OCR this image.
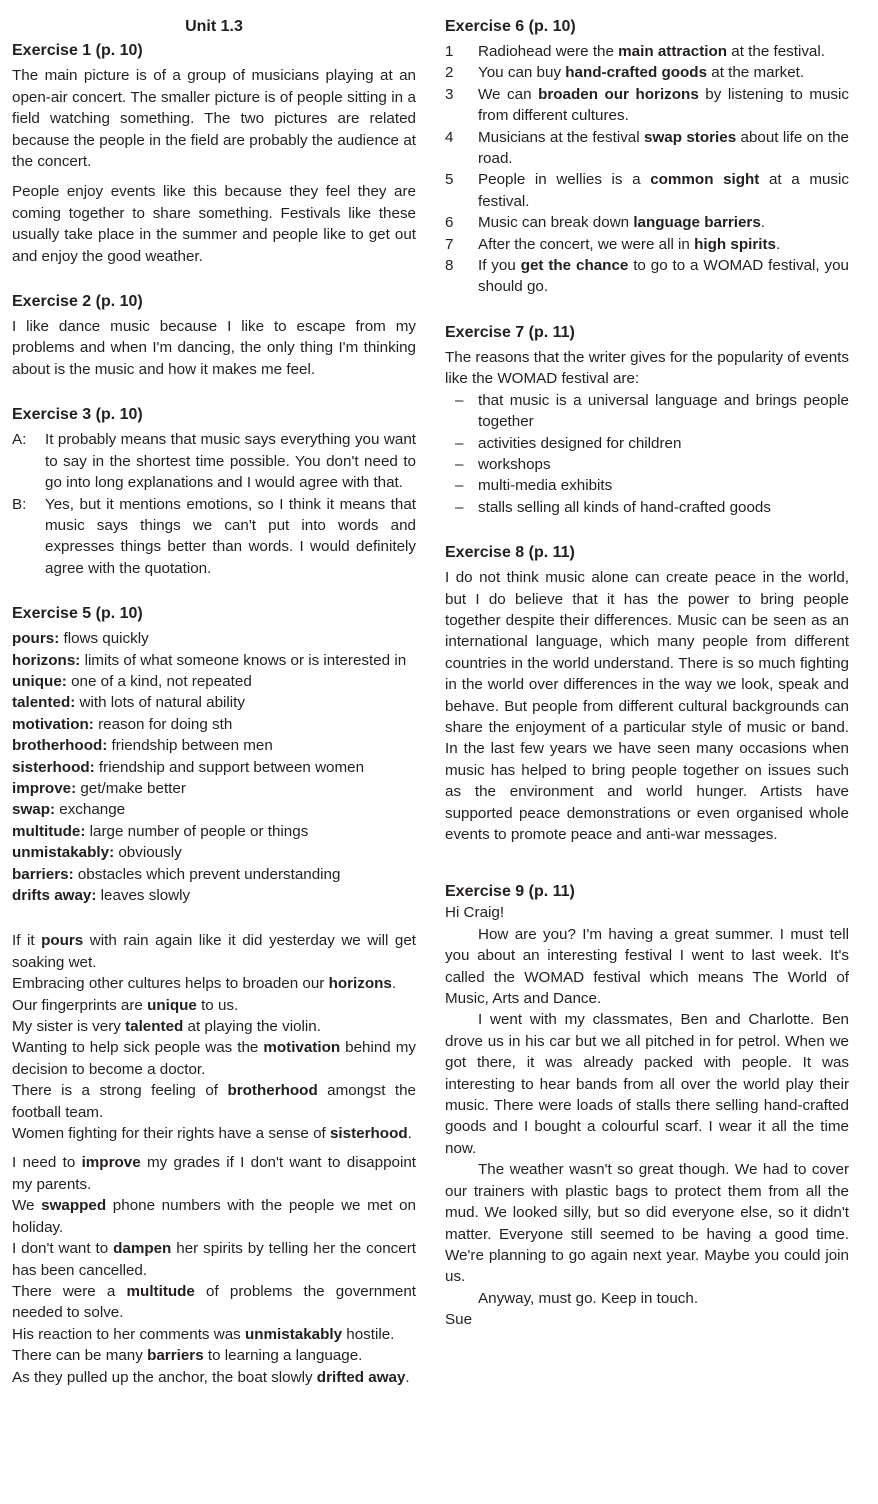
Unit 1.3
Exercise 1 (p. 10)

The main picture is of a group of musicians playing at an open-air concert. The smaller picture is of people sitting in a field watching something. The two pictures are related because the people in the field are probably the audience at the concert.

People enjoy events like this because they feel they are coming together to share something. Festivals like these usually take place in the summer and people like to get out and enjoy the good weather.

Exercise 2 (p. 10)

I like dance music because I like to escape from my problems and when I'm dancing, the only thing I'm thinking about is the music and how it makes me feel.

Exercise 3 (p. 10)
A:	It probably means that music says everything you want to say in the shortest time possible. You don't need to go into long explanations and I would agree with that.
B:	Yes, but it mentions emotions, so I think it means that music says things we can't put into words and expresses things better than words. I would definitely agree with the quotation.
Exercise 5 (p. 10)
pours: flows quickly
horizons: limits of what someone knows or is interested in
unique: one of a kind, not repeated
talented: with lots of natural ability
motivation: reason for doing sth
brotherhood: friendship between men
sisterhood: friendship and support between women
improve: get/make better
swap: exchange
multitude: large number of people or things
unmistakably: obviously
barriers: obstacles which prevent understanding
drifts away: leaves slowly

If it pours with rain again like it did yesterday we will get soaking wet.

Embracing other cultures helps to broaden our horizons.

Our fingerprints are unique to us.

My sister is very talented at playing the violin.

Wanting to help sick people was the motivation behind my decision to become a doctor.

There is a strong feeling of brotherhood amongst the football team.

Women fighting for their rights have a sense of sisterhood.

I need to improve my grades if I don't want to disappoint my parents.

We swapped phone numbers with the people we met on holiday.

I don't want to dampen her spirits by telling her the concert has been cancelled.

There were a multitude of problems the government needed to solve.

His reaction to her comments was unmistakably hostile.

There can be many barriers to learning a language.

As they pulled up the anchor, the boat slowly drifted away.

Exercise 6 (p. 10)
1	Radiohead were the main attraction at the festival.
2	You can buy hand-crafted goods at the market.
3	We can broaden our horizons by listening to music from different cultures.
4	Musicians at the festival swap stories about life on the road.
5	People in wellies is a common sight at a music festival.
6	Music can break down language barriers.
7	After the concert, we were all in high spirits.
8	If you get the chance to go to a WOMAD festival, you should go.
Exercise 7 (p. 11)

The reasons that the writer gives for the popularity of events like the WOMAD festival are:

– that music is a universal language and brings people together
– activities designed for children
– workshops
– multi-media exhibits
– stalls selling all kinds of hand-crafted goods
Exercise 8 (p. 11)

I do not think music alone can create peace in the world, but I do believe that it has the power to bring people together despite their differences. Music can be seen as an international language, which many people from different countries in the world understand. There is so much fighting in the world over differences in the way we look, speak and behave. But people from different cultural backgrounds can share the enjoyment of a particular style of music or band. In the last few years we have seen many occasions when music has helped to bring people together on issues such as the environment and world hunger. Artists have supported peace demonstrations or even organised whole events to promote peace and anti-war messages.

Exercise 9 (p. 11)
Hi Craig!

How are you? I'm having a great summer. I must tell you about an interesting festival I went to last week. It's called the WOMAD festival which means The World of Music, Arts and Dance.

I went with my classmates, Ben and Charlotte. Ben drove us in his car but we all pitched in for petrol. When we got there, it was already packed with people. It was interesting to hear bands from all over the world play their music. There were loads of stalls there selling hand-crafted goods and I bought a colourful scarf. I wear it all the time now.

The weather wasn't so great though. We had to cover our trainers with plastic bags to protect them from all the mud. We looked silly, but so did everyone else, so it didn't matter. Everyone still seemed to be having a good time. We're planning to go again next year. Maybe you could join us.

Anyway, must go. Keep in touch.

Sue
